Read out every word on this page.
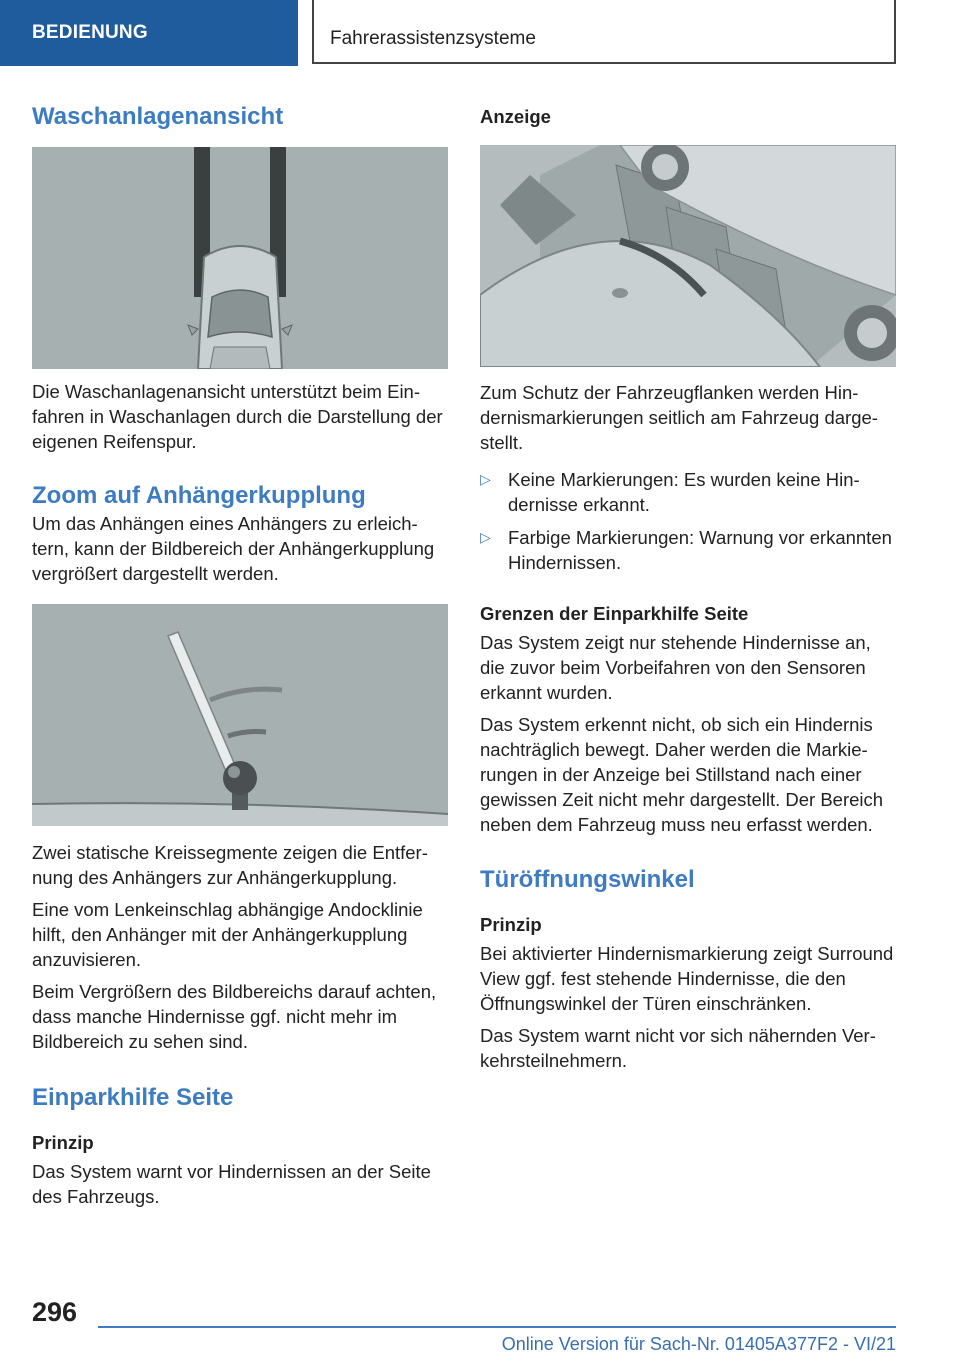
BEDIENUNG	Fahrerassistenzsysteme
Waschanlagenansicht

Die Waschanlagenansicht unterstützt beim Einfahren in Waschanlagen durch die Darstellung der eigenen Reifenspur.

Zoom auf Anhängerkupplung

Um das Anhängen eines Anhängers zu erleichtern, kann der Bildbereich der Anhängerkupplung vergrößert dargestellt werden.

Zwei statische Kreissegmente zeigen die Entfernung des Anhängers zur Anhängerkupplung.

Eine vom Lenkeinschlag abhängige Andocklinie hilft, den Anhänger mit der Anhängerkupplung anzuvisieren.

Beim Vergrößern des Bildbereichs darauf achten, dass manche Hindernisse ggf. nicht mehr im Bildbereich zu sehen sind.

Einparkhilfe Seite
Prinzip

Das System warnt vor Hindernissen an der Seite des Fahrzeugs.

Anzeige

Zum Schutz der Fahrzeugflanken werden Hindernismarkierungen seitlich am Fahrzeug dargestellt.

▷ Keine Markierungen: Es wurden keine Hindernisse erkannt.
▷ Farbige Markierungen: Warnung vor erkannten Hindernissen.
Grenzen der Einparkhilfe Seite

Das System zeigt nur stehende Hindernisse an, die zuvor beim Vorbeifahren von den Sensoren erkannt wurden.

Das System erkennt nicht, ob sich ein Hindernis nachträglich bewegt. Daher werden die Markierungen in der Anzeige bei Stillstand nach einer gewissen Zeit nicht mehr dargestellt. Der Bereich neben dem Fahrzeug muss neu erfasst werden.

Türöffnungswinkel
Prinzip

Bei aktivierter Hindernismarkierung zeigt Surround View ggf. fest stehende Hindernisse, die den Öffnungswinkel der Türen einschränken.

Das System warnt nicht vor sich nähernden Verkehrsteilnehmern.

296
Online Version für Sach-Nr. 01405A377F2 - VI/21
